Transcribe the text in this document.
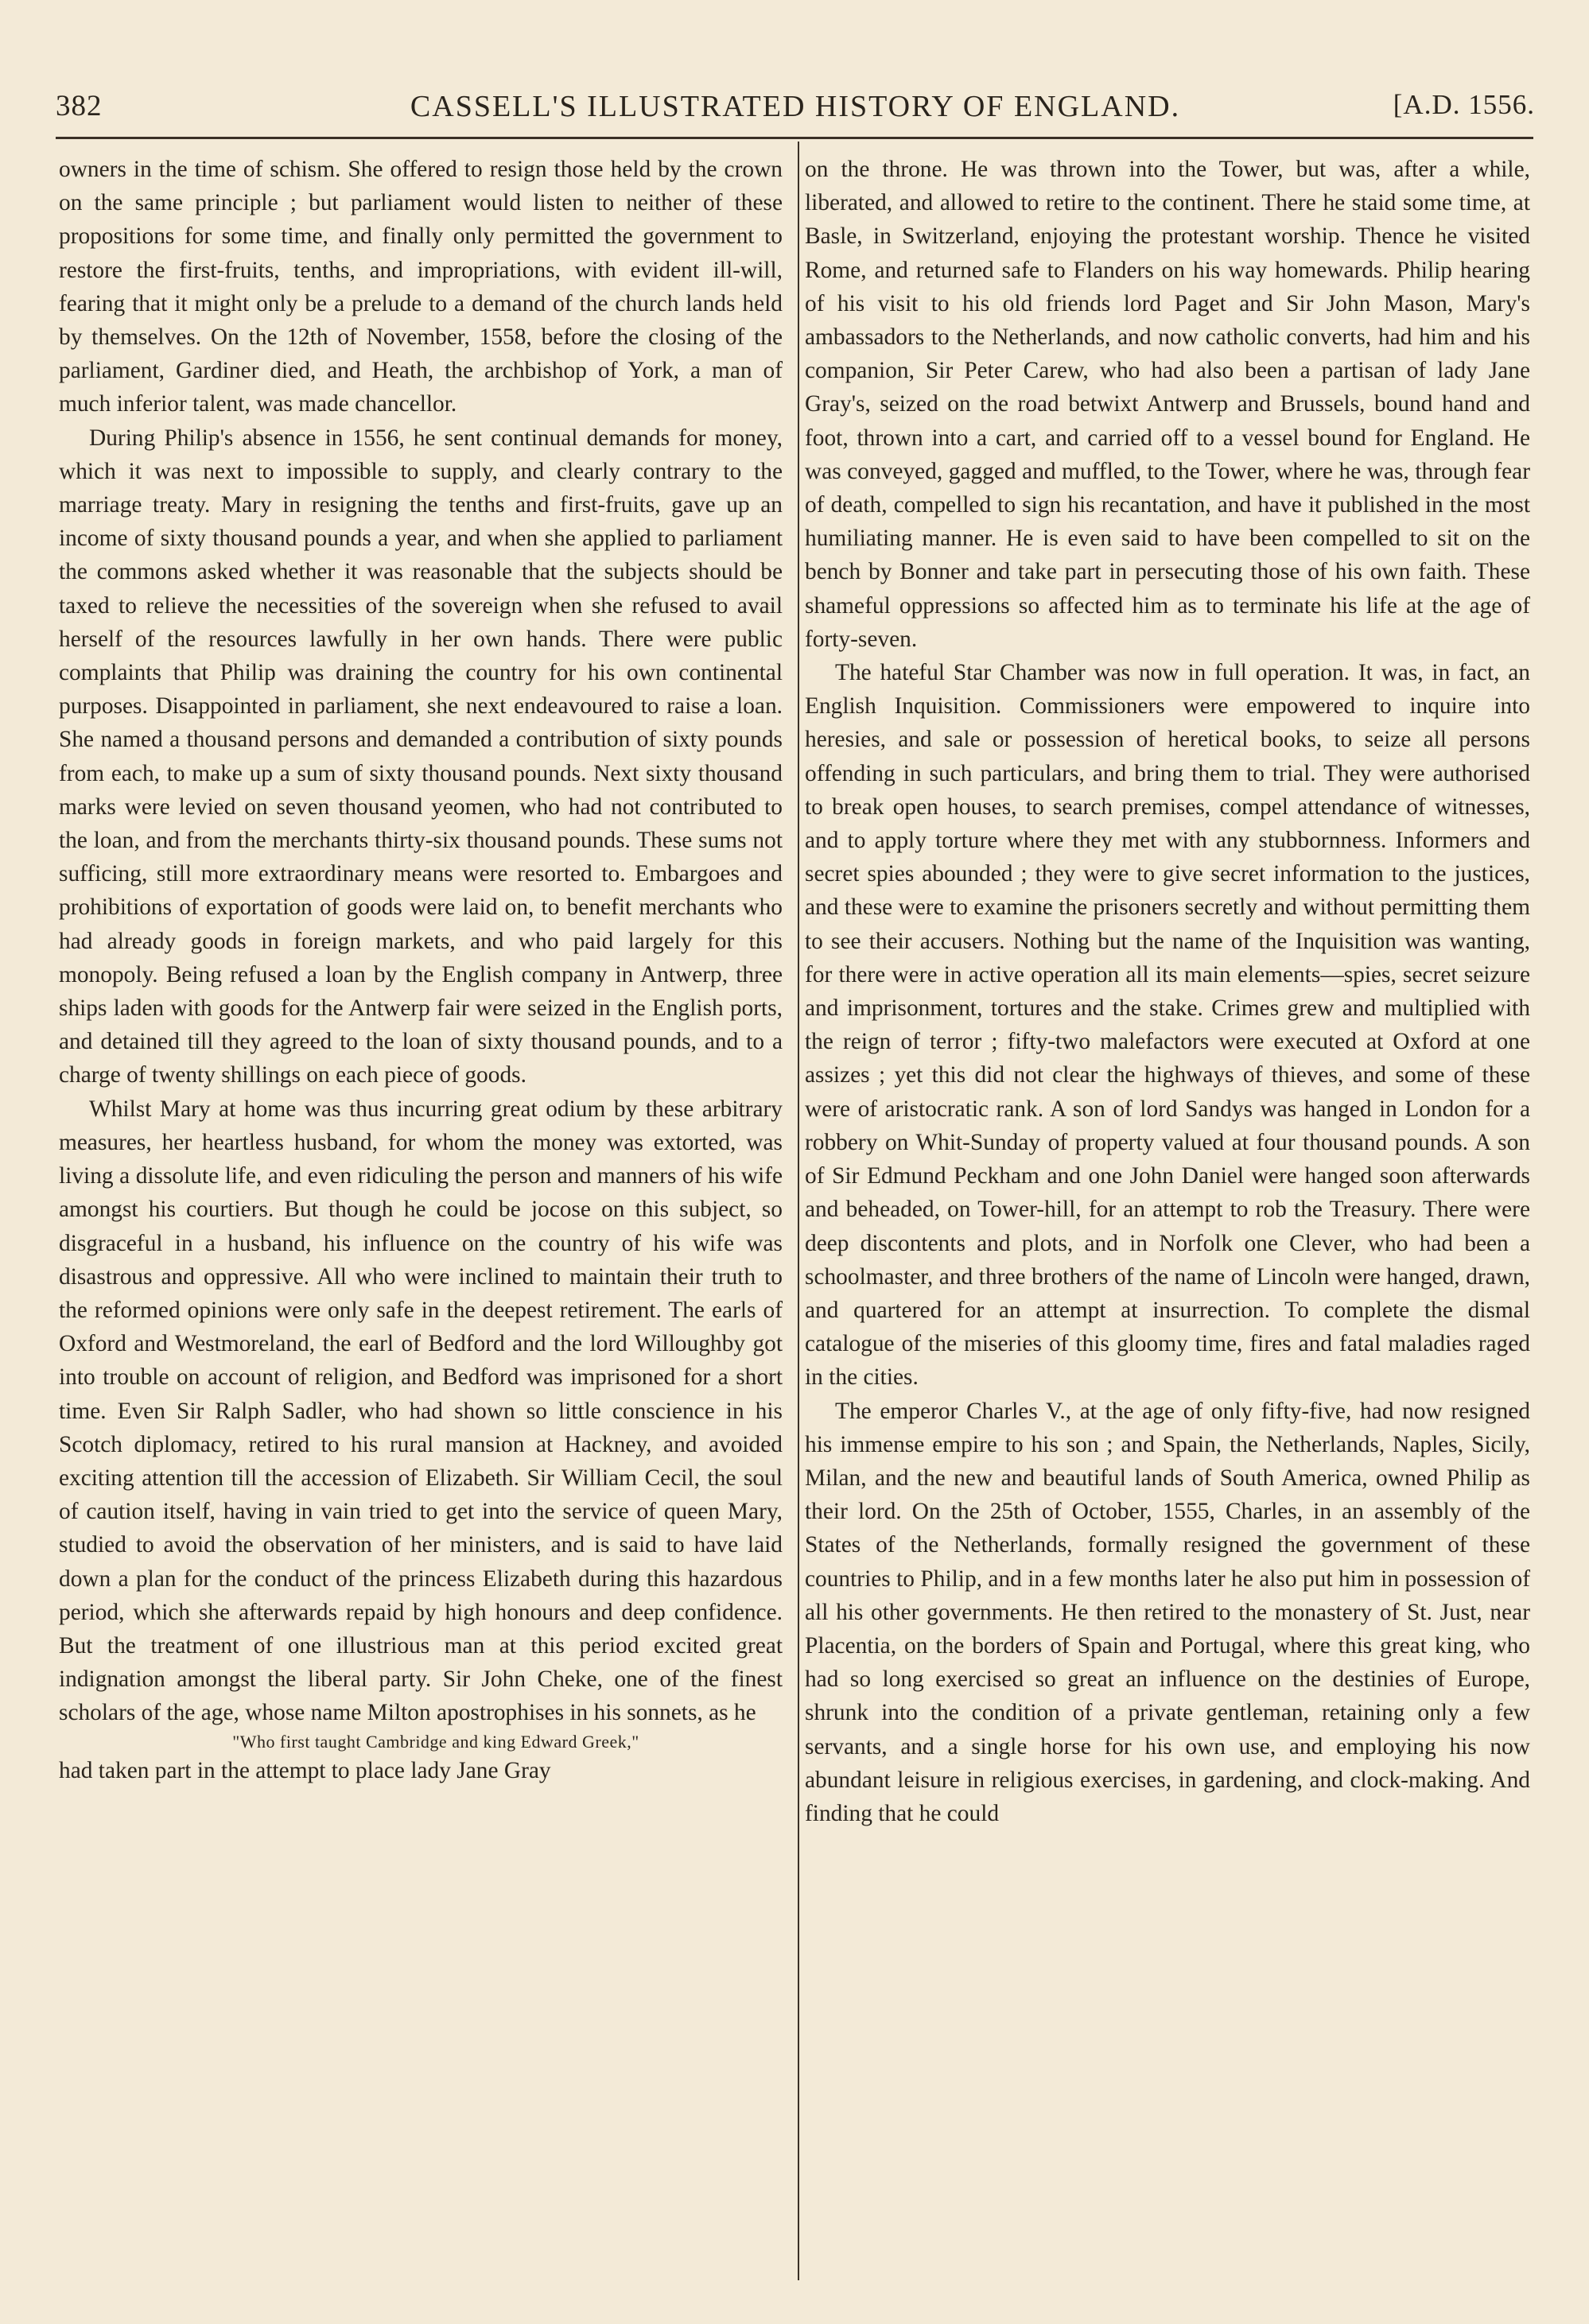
382	CASSELL'S ILLUSTRATED HISTORY OF ENGLAND.	[A.D. 1556.

owners in the time of schism. She offered to resign those held by the crown on the same principle ; but parliament would listen to neither of these propositions for some time, and finally only permitted the government to restore the first-fruits, tenths, and impropriations, with evident ill-will, fearing that it might only be a prelude to a demand of the church lands held by themselves. On the 12th of November, 1558, before the closing of the parliament, Gardiner died, and Heath, the archbishop of York, a man of much inferior talent, was made chancellor.

During Philip's absence in 1556, he sent continual demands for money, which it was next to impossible to supply, and clearly contrary to the marriage treaty. Mary in resigning the tenths and first-fruits, gave up an income of sixty thousand pounds a year, and when she applied to parliament the commons asked whether it was reasonable that the subjects should be taxed to relieve the necessities of the sovereign when she refused to avail herself of the resources lawfully in her own hands. There were public complaints that Philip was draining the country for his own continental purposes. Disappointed in parliament, she next endeavoured to raise a loan. She named a thousand persons and demanded a contribution of sixty pounds from each, to make up a sum of sixty thousand pounds. Next sixty thousand marks were levied on seven thousand yeomen, who had not contributed to the loan, and from the merchants thirty-six thousand pounds. These sums not sufficing, still more extraordinary means were resorted to. Embargoes and prohibitions of exportation of goods were laid on, to benefit merchants who had already goods in foreign markets, and who paid largely for this monopoly. Being refused a loan by the English company in Antwerp, three ships laden with goods for the Antwerp fair were seized in the English ports, and detained till they agreed to the loan of sixty thousand pounds, and to a charge of twenty shillings on each piece of goods.

Whilst Mary at home was thus incurring great odium by these arbitrary measures, her heartless husband, for whom the money was extorted, was living a dissolute life, and even ridiculing the person and manners of his wife amongst his courtiers. But though he could be jocose on this subject, so disgraceful in a husband, his influence on the country of his wife was disastrous and oppressive. All who were inclined to maintain their truth to the reformed opinions were only safe in the deepest retirement. The earls of Oxford and Westmoreland, the earl of Bedford and the lord Willoughby got into trouble on account of religion, and Bedford was imprisoned for a short time. Even Sir Ralph Sadler, who had shown so little conscience in his Scotch diplomacy, retired to his rural mansion at Hackney, and avoided exciting attention till the accession of Elizabeth. Sir William Cecil, the soul of caution itself, having in vain tried to get into the service of queen Mary, studied to avoid the observation of her ministers, and is said to have laid down a plan for the conduct of the princess Elizabeth during this hazardous period, which she afterwards repaid by high honours and deep confidence. But the treatment of one illustrious man at this period excited great indignation amongst the liberal party. Sir John Cheke, one of the finest scholars of the age, whose name Milton apostrophises in his sonnets, as he

"Who first taught Cambridge and king Edward Greek,"

had taken part in the attempt to place lady Jane Gray

on the throne. He was thrown into the Tower, but was, after a while, liberated, and allowed to retire to the continent. There he staid some time, at Basle, in Switzerland, enjoying the protestant worship. Thence he visited Rome, and returned safe to Flanders on his way homewards. Philip hearing of his visit to his old friends lord Paget and Sir John Mason, Mary's ambassadors to the Netherlands, and now catholic converts, had him and his companion, Sir Peter Carew, who had also been a partisan of lady Jane Gray's, seized on the road betwixt Antwerp and Brussels, bound hand and foot, thrown into a cart, and carried off to a vessel bound for England. He was conveyed, gagged and muffled, to the Tower, where he was, through fear of death, compelled to sign his recantation, and have it published in the most humiliating manner. He is even said to have been compelled to sit on the bench by Bonner and take part in persecuting those of his own faith. These shameful oppressions so affected him as to terminate his life at the age of forty-seven.

The hateful Star Chamber was now in full operation. It was, in fact, an English Inquisition. Commissioners were empowered to inquire into heresies, and sale or possession of heretical books, to seize all persons offending in such particulars, and bring them to trial. They were authorised to break open houses, to search premises, compel attendance of witnesses, and to apply torture where they met with any stubbornness. Informers and secret spies abounded ; they were to give secret information to the justices, and these were to examine the prisoners secretly and without permitting them to see their accusers. Nothing but the name of the Inquisition was wanting, for there were in active operation all its main elements—spies, secret seizure and imprisonment, tortures and the stake. Crimes grew and multiplied with the reign of terror ; fifty-two malefactors were executed at Oxford at one assizes ; yet this did not clear the highways of thieves, and some of these were of aristocratic rank. A son of lord Sandys was hanged in London for a robbery on Whit-Sunday of property valued at four thousand pounds. A son of Sir Edmund Peckham and one John Daniel were hanged soon afterwards and beheaded, on Tower-hill, for an attempt to rob the Treasury. There were deep discontents and plots, and in Norfolk one Clever, who had been a schoolmaster, and three brothers of the name of Lincoln were hanged, drawn, and quartered for an attempt at insurrection. To complete the dismal catalogue of the miseries of this gloomy time, fires and fatal maladies raged in the cities.

The emperor Charles V., at the age of only fifty-five, had now resigned his immense empire to his son ; and Spain, the Netherlands, Naples, Sicily, Milan, and the new and beautiful lands of South America, owned Philip as their lord. On the 25th of October, 1555, Charles, in an assembly of the States of the Netherlands, formally resigned the government of these countries to Philip, and in a few months later he also put him in possession of all his other governments. He then retired to the monastery of St. Just, near Placentia, on the borders of Spain and Portugal, where this great king, who had so long exercised so great an influence on the destinies of Europe, shrunk into the condition of a private gentleman, retaining only a few servants, and a single horse for his own use, and employing his now abundant leisure in religious exercises, in gardening, and clock-making. And finding that he could
